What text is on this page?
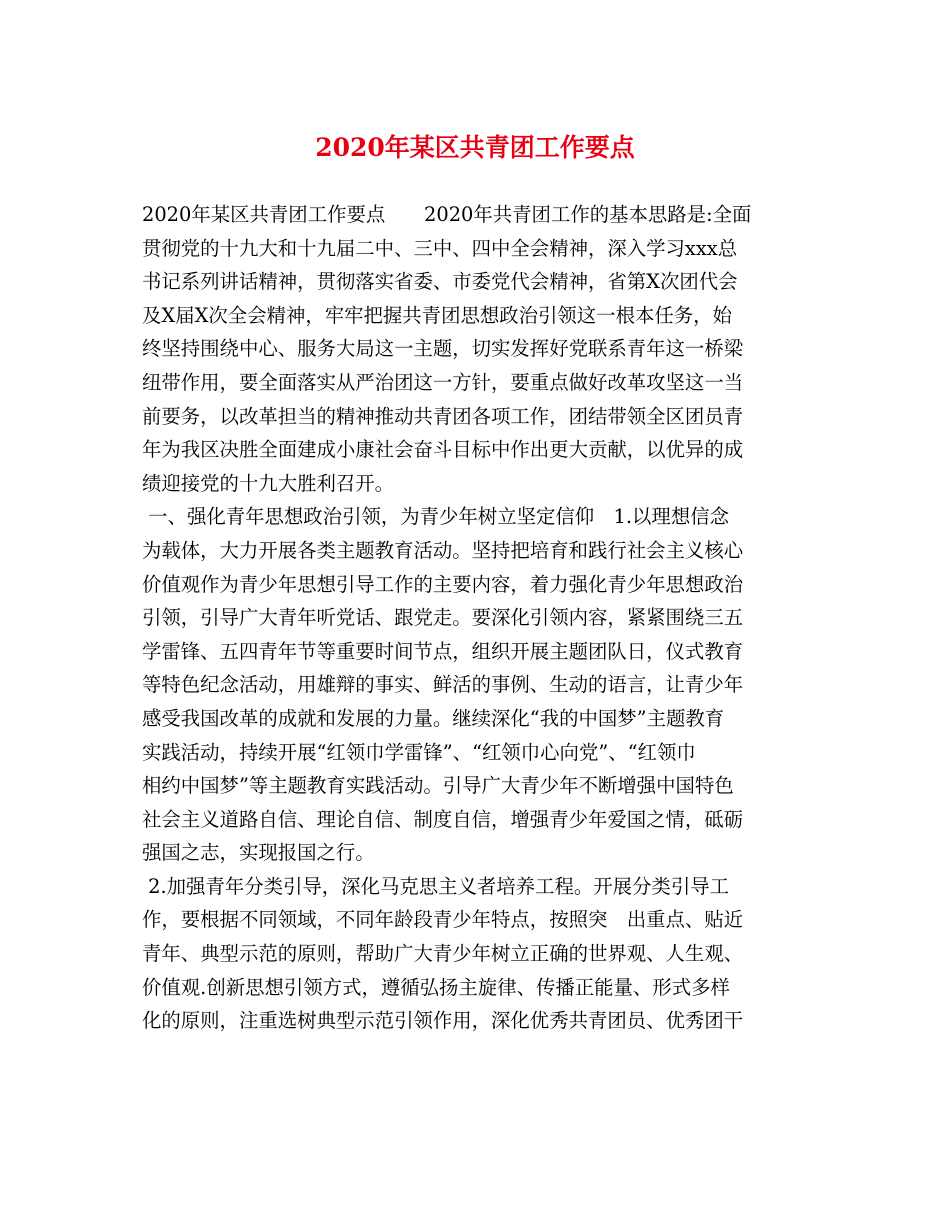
2020年某区共青团工作要点
2020年某区共青团工作要点　　2020年共青团工作的基本思路是:全面
贯彻党的十九大和十九届二中、三中、四中全会精神，深入学习xxx总
书记系列讲话精神，贯彻落实省委、市委党代会精神，省第X次团代会
及X届X次全会精神，牢牢把握共青团思想政治引领这一根本任务，始
终坚持围绕中心、服务大局这一主题，切实发挥好党联系青年这一桥梁
纽带作用，要全面落实从严治团这一方针，要重点做好改革攻坚这一当
前要务，以改革担当的精神推动共青团各项工作，团结带领全区团员青
年为我区决胜全面建成小康社会奋斗目标中作出更大贡献，以优异的成
绩迎接党的十九大胜利召开。
一、强化青年思想政治引领，为青少年树立坚定信仰　1.以理想信念
为载体，大力开展各类主题教育活动。坚持把培育和践行社会主义核心
价值观作为青少年思想引导工作的主要内容，着力强化青少年思想政治
引领，引导广大青年听党话、跟党走。要深化引领内容，紧紧围绕三五
学雷锋、五四青年节等重要时间节点，组织开展主题团队日，仪式教育
等特色纪念活动，用雄辩的事实、鲜活的事例、生动的语言，让青少年
感受我国改革的成就和发展的力量。继续深化“我的中国梦”主题教育
实践活动，持续开展“红领巾学雷锋”、“红领巾心向党”、“红领巾
相约中国梦”等主题教育实践活动。引导广大青少年不断增强中国特色
社会主义道路自信、理论自信、制度自信，增强青少年爱国之情，砥砺
强国之志，实现报国之行。
2.加强青年分类引导，深化马克思主义者培养工程。开展分类引导工
作，要根据不同领域，不同年龄段青少年特点，按照突　出重点、贴近
青年、典型示范的原则，帮助广大青少年树立正确的世界观、人生观、
价值观.创新思想引领方式，遵循弘扬主旋律、传播正能量、形式多样
化的原则，注重选树典型示范引领作用，深化优秀共青团员、优秀团干
